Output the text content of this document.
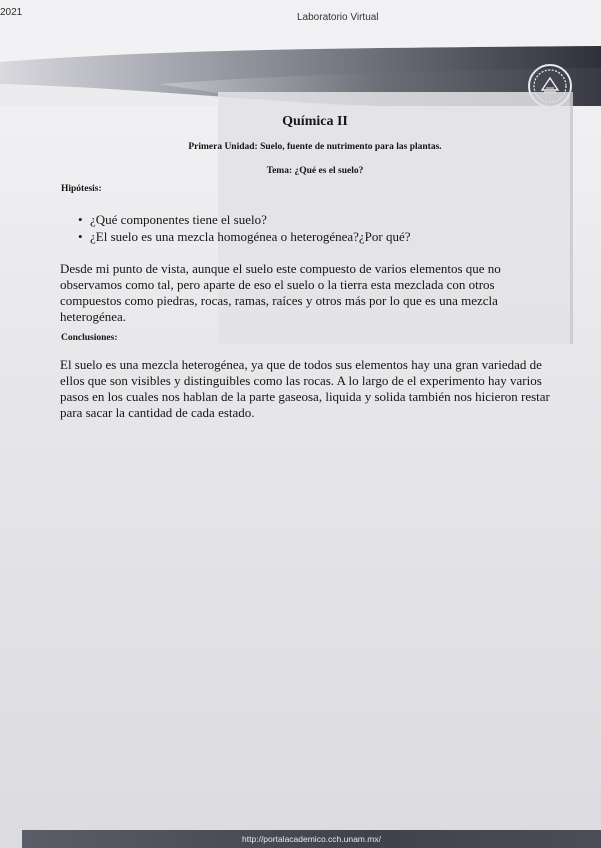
2021	Laboratorio Virtual
Química II
Primera Unidad: Suelo, fuente de nutrimento para las plantas.
Tema: ¿Qué es el suelo?
Hipótesis:
• ¿Qué componentes tiene el suelo?
• ¿El suelo es una mezcla homogénea o heterogénea?¿Por qué?

Desde mi punto de vista, aunque el suelo este compuesto de varios elementos que no observamos como tal, pero aparte de eso el suelo o la tierra esta mezclada con otros compuestos como piedras, rocas, ramas, raíces y otros más por lo que es una mezcla heterogénea.

Conclusiones:

El suelo es una mezcla heterogénea, ya que de todos sus elementos hay una gran variedad de ellos que son visibles y distinguibles como las rocas. A lo largo de el experimento hay varios pasos en los cuales nos hablan de la parte gaseosa, liquida y solida también nos hicieron restar para sacar la cantidad de cada estado.

http://portalacademico.cch.unam.mx/
